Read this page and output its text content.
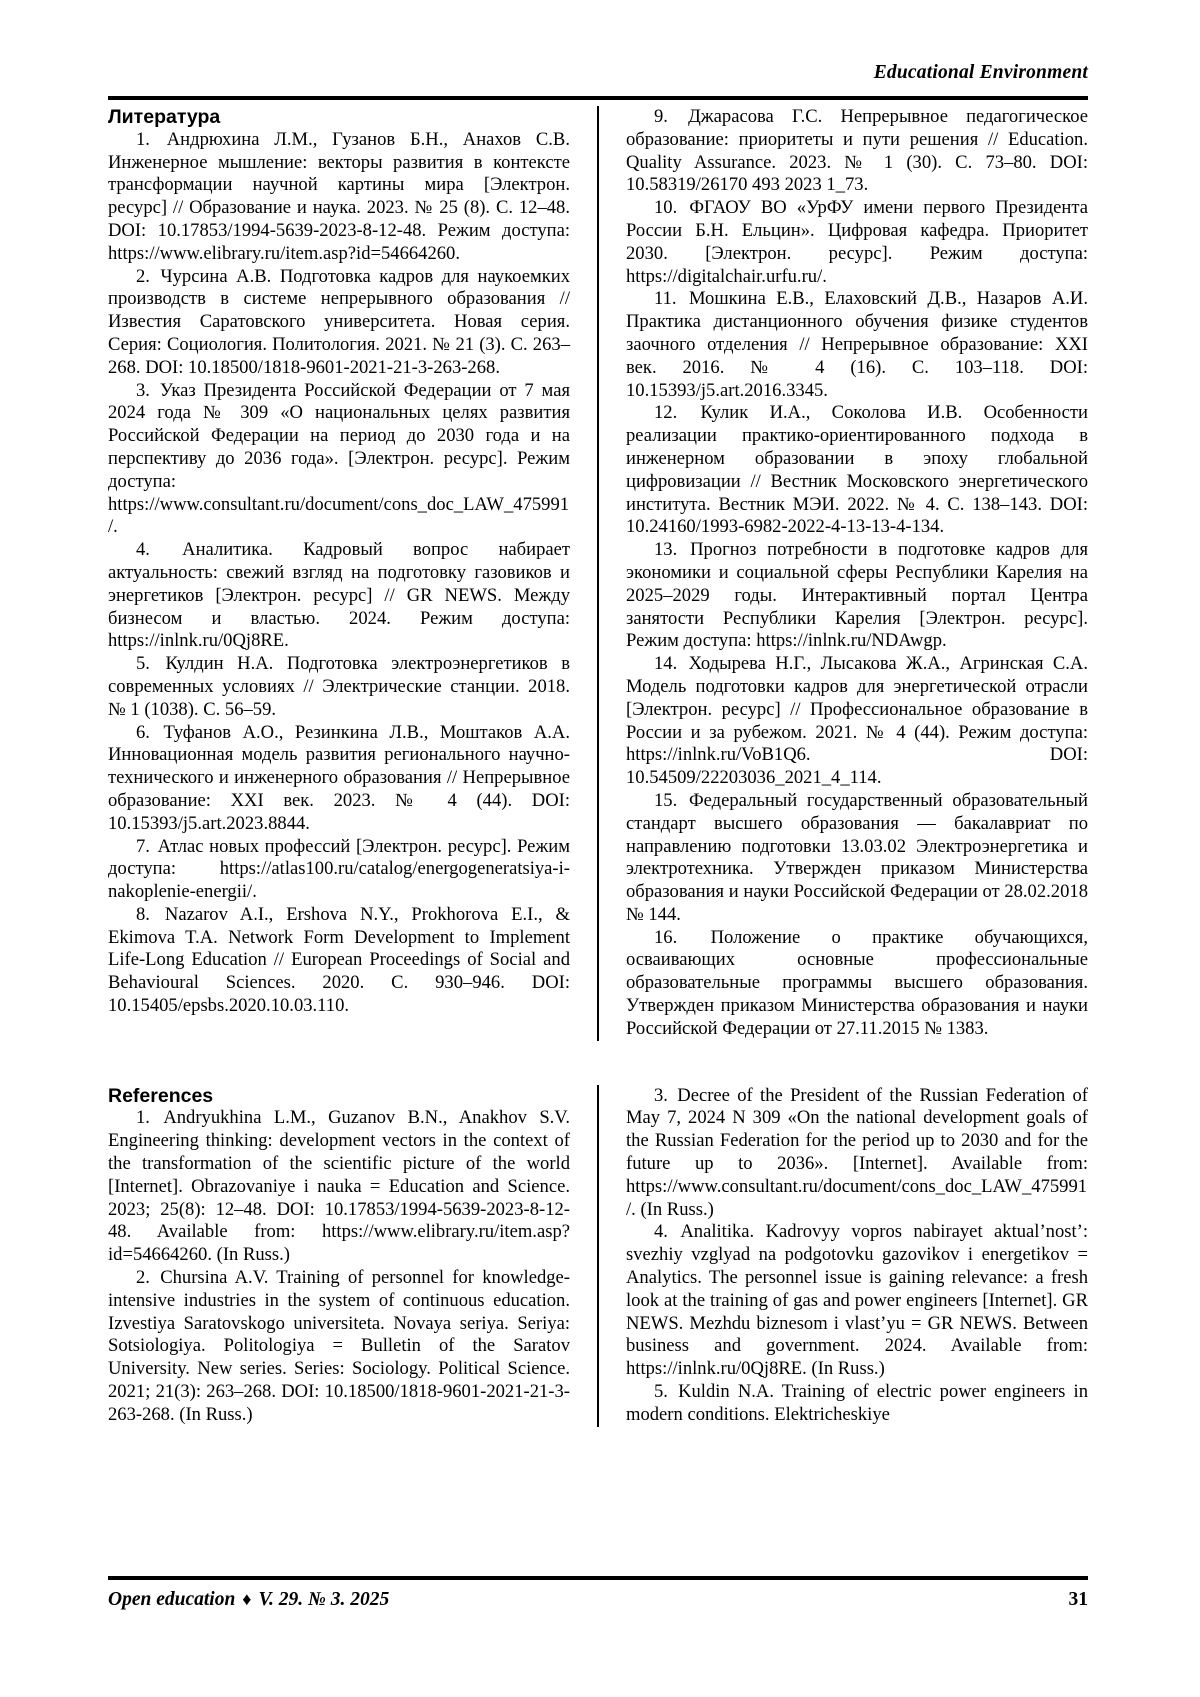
Educational Environment
Литература

1. Андрюхина Л.М., Гузанов Б.Н., Анахов С.В. Инженерное мышление: векторы развития в контексте трансформации научной картины мира [Электрон. ресурс] // Образование и наука. 2023. № 25 (8). С. 12–48. DOI: 10.17853/1994-5639-2023-8-12-48. Режим доступа: https://www.elibrary.ru/item.asp?id=54664260.

2. Чурсина А.В. Подготовка кадров для наукоемких производств в системе непрерывного образования // Известия Саратовского университета. Новая серия. Серия: Социология. Политология. 2021. № 21 (3). С. 263–268. DOI: 10.18500/1818-9601-2021-21-3-263-268.

3. Указ Президента Российской Федерации от 7 мая 2024 года № 309 «О национальных целях развития Российской Федерации на период до 2030 года и на перспективу до 2036 года». [Электрон. ресурс]. Режим доступа: https://www.consultant.ru/document/cons_doc_LAW_475991/.

4. Аналитика. Кадровый вопрос набирает актуальность: свежий взгляд на подготовку газовиков и энергетиков [Электрон. ресурс] // GR NEWS. Между бизнесом и властью. 2024. Режим доступа: https://inlnk.ru/0Qj8RE.

5. Кулдин Н.А. Подготовка электроэнергетиков в современных условиях // Электрические станции. 2018. № 1 (1038). С. 56–59.

6. Туфанов А.О., Резинкина Л.В., Моштаков А.А. Инновационная модель развития регионального научно-технического и инженерного образования // Непрерывное образование: XXI век. 2023. № 4 (44). DOI: 10.15393/j5.art.2023.8844.

7. Атлас новых профессий [Электрон. ресурс]. Режим доступа: https://atlas100.ru/catalog/energogeneratsiya-i-nakoplenie-energii/.

8. Nazarov A.I., Ershova N.Y., Prokhorova E.I., & Ekimova T.A. Network Form Development to Implement Life-Long Education // European Proceedings of Social and Behavioural Sciences. 2020. С. 930–946. DOI: 10.15405/epsbs.2020.10.03.110.

9. Джарасова Г.С. Непрерывное педагогическое образование: приоритеты и пути решения // Education. Quality Assurance. 2023. № 1 (30). С. 73–80. DOI: 10.58319/26170 493 2023 1_73.

10. ФГАОУ ВО «УрФУ имени первого Президента России Б.Н. Ельцин». Цифровая кафедра. Приоритет 2030. [Электрон. ресурс]. Режим доступа: https://digitalchair.urfu.ru/.

11. Мошкина Е.В., Елаховский Д.В., Назаров А.И. Практика дистанционного обучения физике студентов заочного отделения // Непрерывное образование: XXI век. 2016. № 4 (16). С. 103–118. DOI: 10.15393/j5.art.2016.3345.

12. Кулик И.А., Соколова И.В. Особенности реализации практико-ориентированного подхода в инженерном образовании в эпоху глобальной цифровизации // Вестник Московского энергетического института. Вестник МЭИ. 2022. № 4. С. 138–143. DOI: 10.24160/1993-6982-2022-4-13-13-4-134.

13. Прогноз потребности в подготовке кадров для экономики и социальной сферы Республики Карелия на 2025–2029 годы. Интерактивный портал Центра занятости Республики Карелия [Электрон. ресурс]. Режим доступа: https://inlnk.ru/NDAwgp.

14. Ходырева Н.Г., Лысакова Ж.А., Агринская С.А. Модель подготовки кадров для энергетической отрасли [Электрон. ресурс] // Профессиональное образование в России и за рубежом. 2021. № 4 (44). Режим доступа: https://inlnk.ru/VoB1Q6. DOI: 10.54509/22203036_2021_4_114.

15. Федеральный государственный образовательный стандарт высшего образования — бакалавриат по направлению подготовки 13.03.02 Электроэнергетика и электротехника. Утвержден приказом Министерства образования и науки Российской Федерации от 28.02.2018 № 144.

16. Положение о практике обучающихся, осваивающих основные профессиональные образовательные программы высшего образования. Утвержден приказом Министерства образования и науки Российской Федерации от 27.11.2015 № 1383.

References

1. Andryukhina L.M., Guzanov B.N., Anakhov S.V. Engineering thinking: development vectors in the context of the transformation of the scientific picture of the world [Internet]. Obrazovaniye i nauka = Education and Science. 2023; 25(8): 12–48. DOI: 10.17853/1994-5639-2023-8-12-48. Available from: https://www.elibrary.ru/item.asp?id=54664260. (In Russ.)

2. Chursina A.V. Training of personnel for knowledge-intensive industries in the system of continuous education. Izvestiya Saratovskogo universiteta. Novaya seriya. Seriya: Sotsiologiya. Politologiya = Bulletin of the Saratov University. New series. Series: Sociology. Political Science. 2021; 21(3): 263–268. DOI: 10.18500/1818-9601-2021-21-3-263-268. (In Russ.)

3. Decree of the President of the Russian Federation of May 7, 2024 N 309 «On the national development goals of the Russian Federation for the period up to 2030 and for the future up to 2036». [Internet]. Available from: https://www.consultant.ru/document/cons_doc_LAW_475991/. (In Russ.)

4. Analitika. Kadrovyy vopros nabirayet aktual’nost’: svezhiy vzglyad na podgotovku gazovikov i energetikov = Analytics. The personnel issue is gaining relevance: a fresh look at the training of gas and power engineers [Internet]. GR NEWS. Mezhdu biznesom i vlast’yu = GR NEWS. Between business and government. 2024. Available from: https://inlnk.ru/0Qj8RE. (In Russ.)

5. Kuldin N.A. Training of electric power engineers in modern conditions. Elektricheskiye

Open education ♦ V. 29. № 3. 2025	31
